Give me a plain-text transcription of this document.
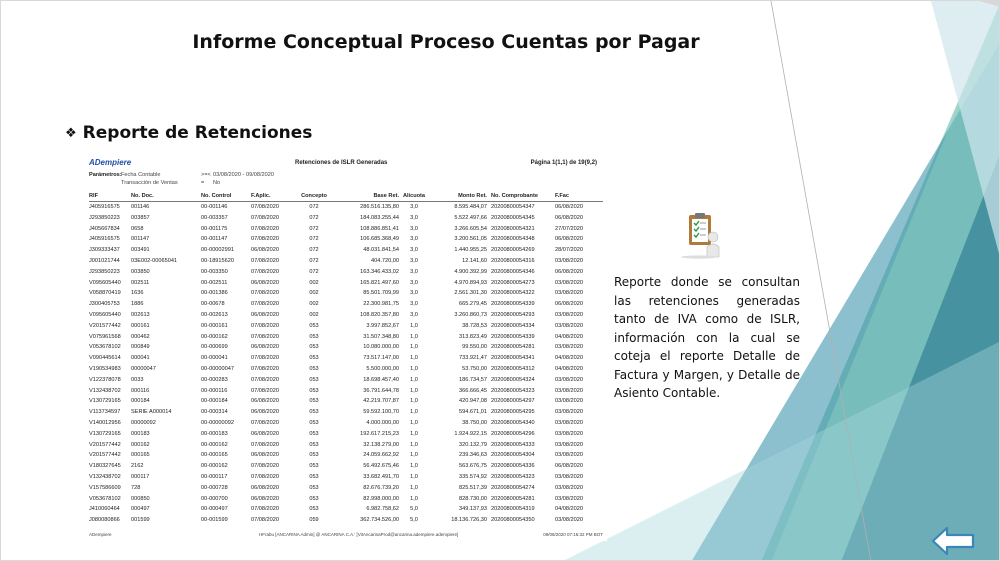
Informe Conceptual Proceso Cuentas por Pagar
❖ Reporte de Retenciones
ADempiere	Retenciones de ISLR Generadas	Página 1(1,1) de 19(9,2)
Parámetros:Fecha Contable	>=< 03/08/2020 - 09/08/2020
Transacción de Ventas	= No
RIF	No. Doc.	No. Control	F.Aplic.	Concepto	Base Ret.	Alícuota	Monto Ret.	No. Comprobante	F.Fac
J405916575	001146	00-001146	07/08/2020	072	286.516.135,80	3,0	8.595.484,07	20200800054347	06/08/2020
J293850223	003857	00-003357	07/08/2020	072	184.083.255,44	3,0	5.522.497,66	20200800054345	06/08/2020
J405667834	0658	00-001175	07/08/2020	072	108.886.851,41	3,0	3.266.605,54	20200800054321	27/07/2020
J405916575	001147	00-001147	07/08/2020	072	106.685.368,49	3,0	3.200.561,05	20200800054348	06/08/2020
J309333437	003491	00-00002991	06/08/2020	072	48.031.841,54	3,0	1.440.955,25	20200800054269	28/07/2020
J001021744	03E002-00065041	00-18915620	07/08/2020	072	404.720,00	3,0	12.141,60	20200800054316	03/08/2020
J293850223	003850	00-003350	07/08/2020	072	163.346.433,02	3,0	4.900.392,99	20200800054346	06/08/2020
V095605440	002511	00-002511	06/08/2020	002	165.821.497,60	3,0	4.970.894,93	20200800054273	03/08/2020
V058870419	1636	00-001386	07/08/2020	002	85.501.709,99	3,0	2.561.301,30	20200800054322	03/08/2020
J300405753	1886	00-00678	07/08/2020	002	22.300.981,75	3,0	665.279,45	20200800054339	06/08/2020
V095605440	002613	00-002613	06/08/2020	002	108.820.357,80	3,0	3.260.860,73	20200800054293	03/08/2020
V201577442	000161	00-000161	07/08/2020	053	3.997.852,67	1,0	38.728,53	20200800054334	03/08/2020
V075961568	000462	00-000162	07/08/2020	053	31.507.348,80	1,0	313.823,49	20200800054339	04/08/2020
V053678102	000849	00-000699	06/08/2020	053	10.080.000,00	1,0	99.550,00	20200800054281	03/08/2020
V090445614	000041	00-000041	07/08/2020	053	73.517.147,00	1,0	733.921,47	20200800054341	04/08/2020
V190534983	00000047	00-00000047	07/08/2020	053	5.500.000,00	1,0	53.750,00	20200800054312	04/08/2020
V122378078	0033	00-000283	07/08/2020	053	18.698.457,40	1,0	186.734,57	20200800054324	03/08/2020
V132438702	000116	00-000116	07/08/2020	053	36.791.644,78	1,0	366.666,45	20200800054323	03/08/2020
V130729165	000184	00-000184	06/08/2020	053	42.219.707,87	1,0	420.947,08	20200800054297	03/08/2020
V113734597	SERIE A000014	00-000314	06/08/2020	053	59.592.100,70	1,0	594.671,01	20200800054295	03/08/2020
V140012956	00000092	00-00000092	07/08/2020	053	4.000.000,00	1,0	38.750,00	20200800054340	03/08/2020
V130729165	000183	00-000183	06/08/2020	053	192.617.215,23	1,0	1.924.922,15	20200800054296	03/08/2020
V201577442	000162	00-000162	07/08/2020	053	32.138.279,00	1,0	320.132,79	20200800054333	03/08/2020
V201577442	000165	00-000165	06/08/2020	053	24.059.662,92	1,0	239.346,63	20200800054304	03/08/2020
V180327645	2162	00-000162	07/08/2020	053	56.492.675,46	1,0	563.676,75	20200800054336	06/08/2020
V132438702	000117	00-000117	07/08/2020	053	33.682.491,70	1,0	335.574,92	20200800054323	03/08/2020
V157586609	728	00-000728	06/08/2020	053	82.676.739,20	1,0	825.517,39	20200800054274	03/08/2020
V053678102	000850	00-000700	06/08/2020	053	82.998.000,00	1,0	828.730,00	20200800054281	03/08/2020
J410060464	000497	00-000497	07/08/2020	053	6.982.758,62	5,0	349.137,93	20200800054319	04/08/2020
J080080866	001599	00-001599	07/08/2020	059	362.734.526,00	5,0	18.136.726,30	20200800054350	03/08/2020
ADempiere	HFrabu [ANCARINA Admin] @ ANCARINA C.A.' [VitAncarinaProd@ancarina.adempiere.adempiere]	09/08/2020 07:16:32 PM BOT
Reporte donde se consultan las retenciones generadas tanto de IVA como de ISLR, información con la cual se coteja el reporte Detalle de Factura y Margen, y Detalle de Asiento Contable.
